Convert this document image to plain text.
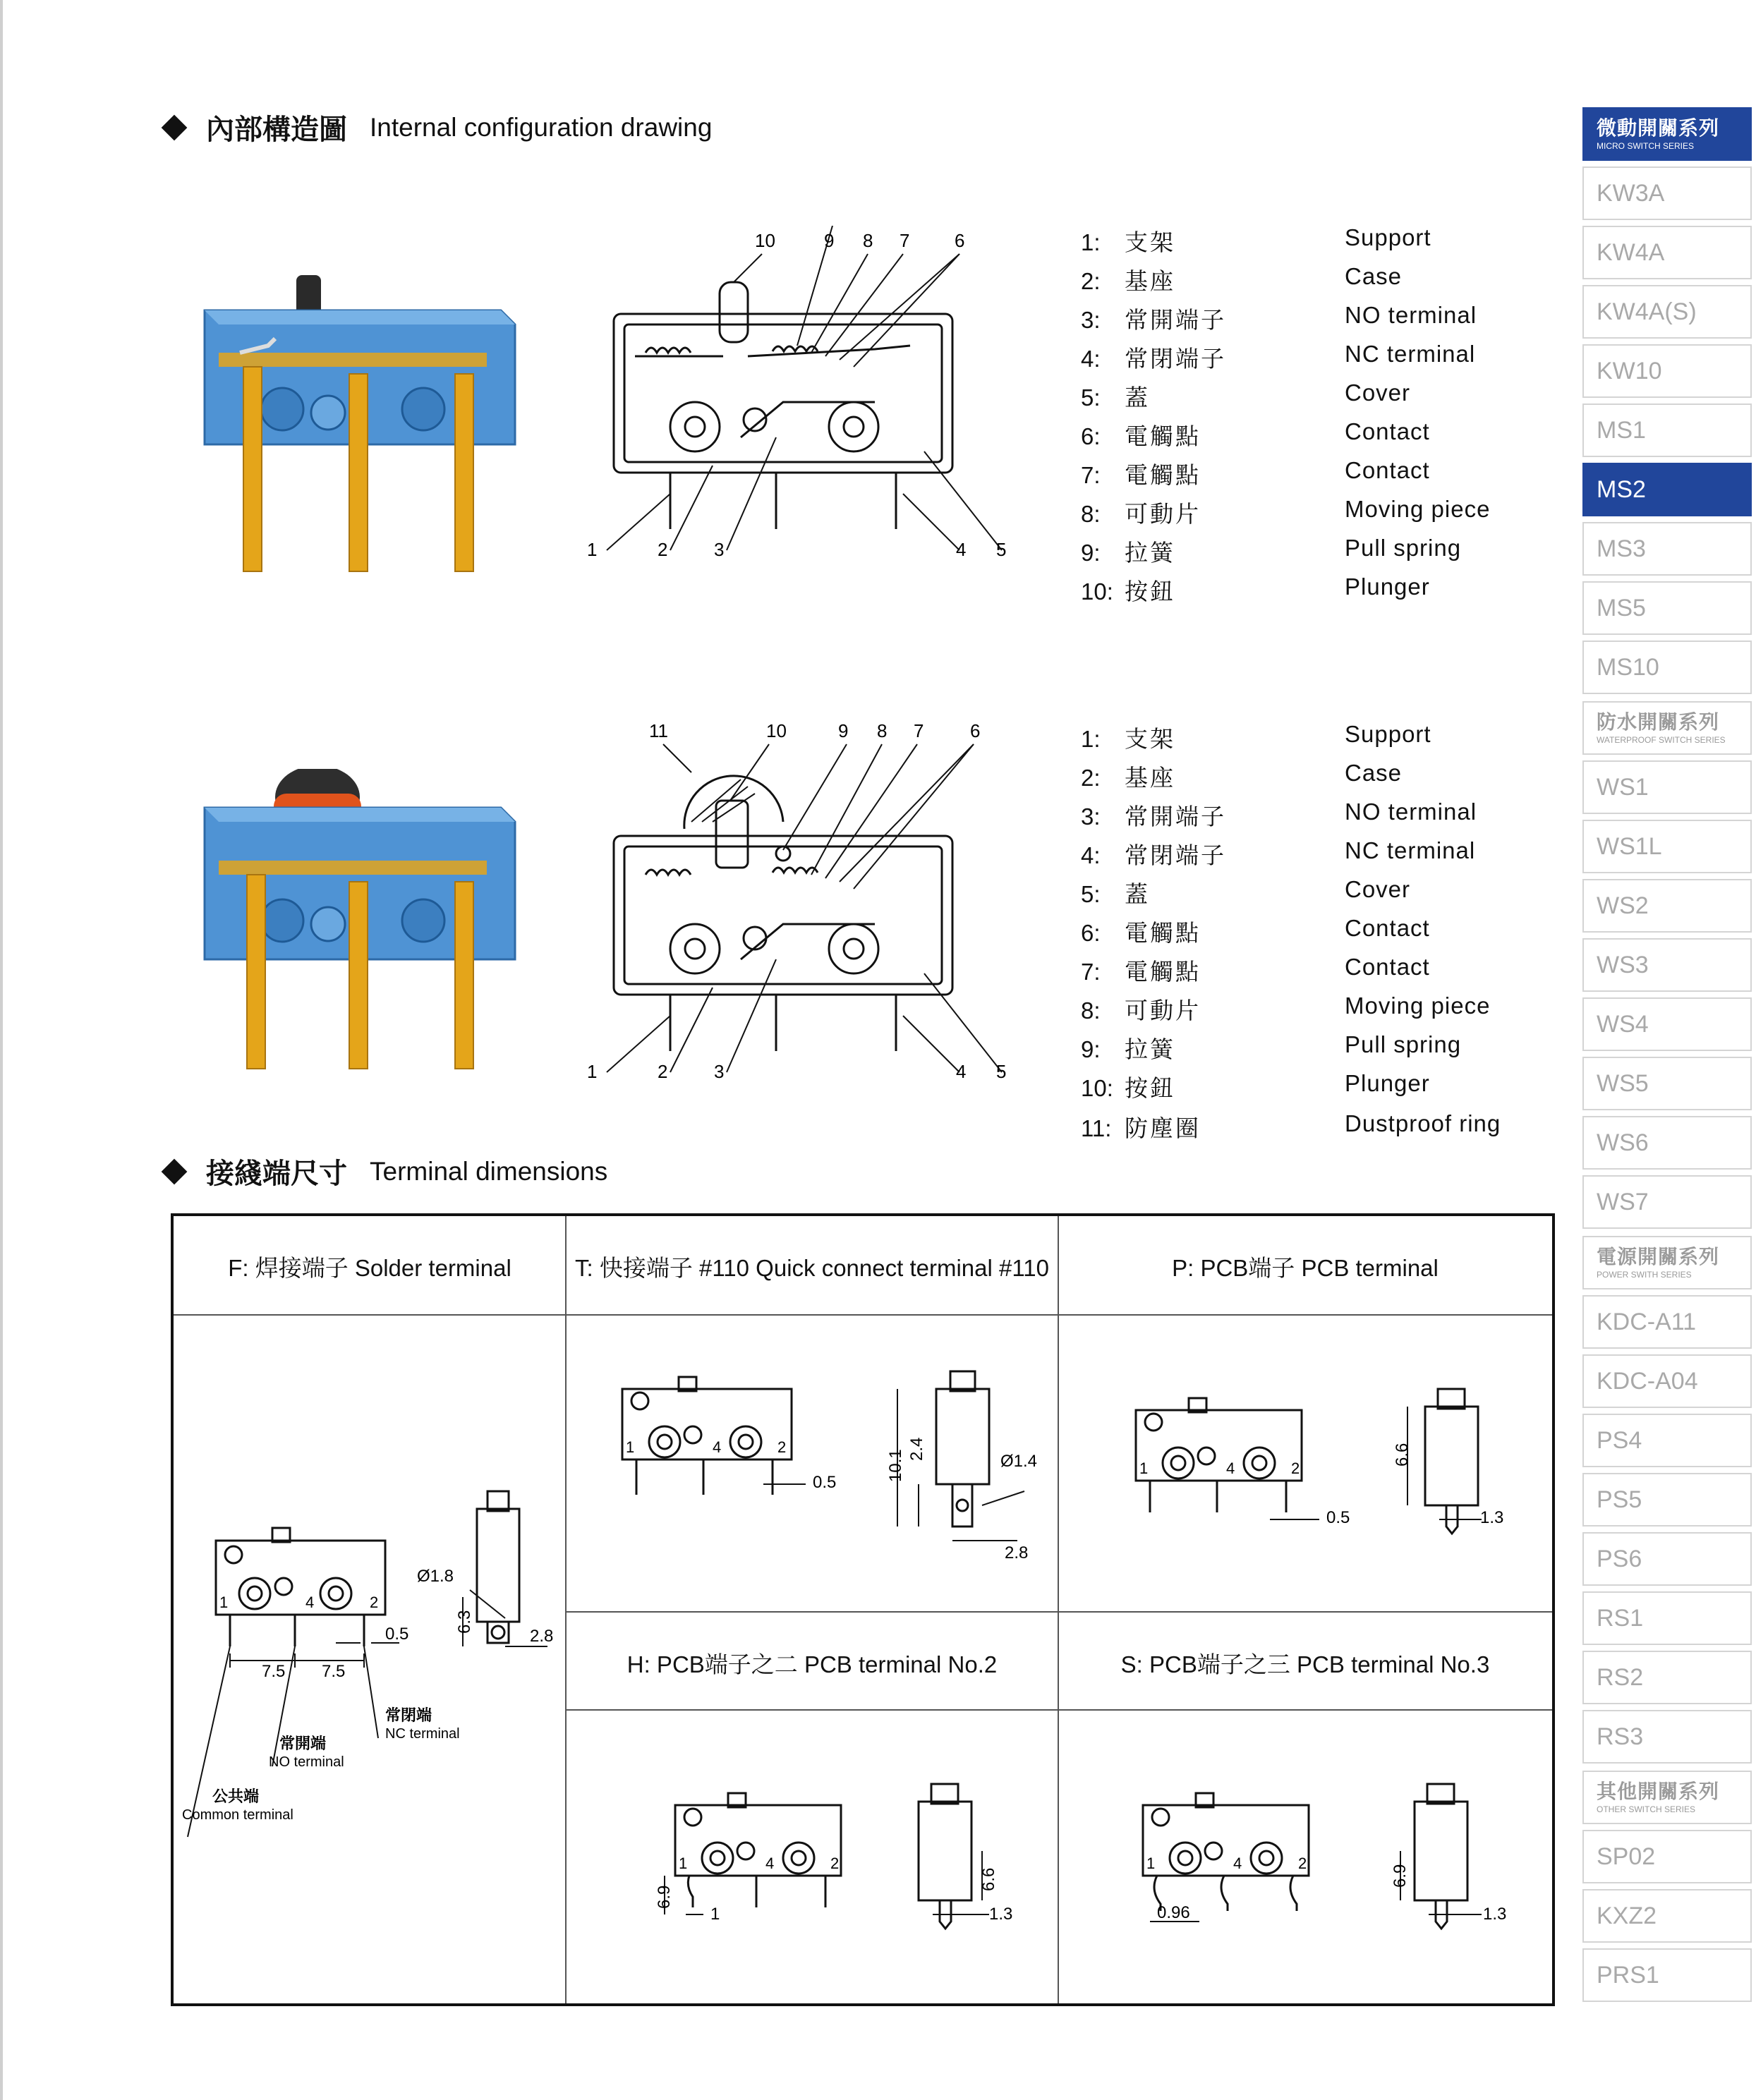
內部構造圖 Internal configuration drawing
1	2	3	4 5
10	9 8 7 6	1: 支架	Support
2: 基座	Case
3: 常開端子	NO terminal
4: 常閉端子	NC terminal
5: 蓋	Cover
6: 電觸點	Contact
7: 電觸點	Contact
8: 可動片	Moving piece
9: 拉簧	Pull spring
10: 按鈕	Plunger
1	2	3	4 5
11	10	9 8 7	6	1: 支架	Support
2: 基座	Case
3: 常開端子	NO terminal
4: 常閉端子	NC terminal
5: 蓋	Cover
6: 電觸點	Contact
7: 電觸點	Contact
8: 可動片	Moving piece
9: 拉簧	Pull spring
10: 按鈕	Plunger
11: 防塵圈	Dustproof ring
接綫端尺寸 Terminal dimensions
F: 焊接端子 Solder terminal	T: 快接端子 #110 Quick connect terminal #110	P: PCB端子 PCB terminal
H: PCB端子之二 PCB terminal No.2	S: PCB端子之三 PCB terminal No.3
7.5 7.5
0.5
6.3
Ø1.8
2.8
1	4	2
常閉端
NC terminal
常開端
NO terminal
公共端
Common terminal
0.5
10.1 2.4
Ø1.4
2.8
1	4	2
0.5
6.6
1.3
1	4	2
6.9
1
6.6
1.3
1	4	2
0.96
6.9
1.3
1	4	2
微動開關系列
MICRO SWITCH SERIES
KW3A
KW4A
KW4A(S)
KW10
MS1
MS2
MS3
MS5
MS10
防水開關系列
WATERPROOF SWITCH SERIES
WS1
WS1L
WS2
WS3
WS4
WS5
WS6
WS7
電源開關系列
POWER SWITH SERIES
KDC-A11
KDC-A04
PS4
PS5
PS6
RS1
RS2
RS3
其他開關系列
OTHER SWITCH SERIES
SP02
KXZ2
PRS1
